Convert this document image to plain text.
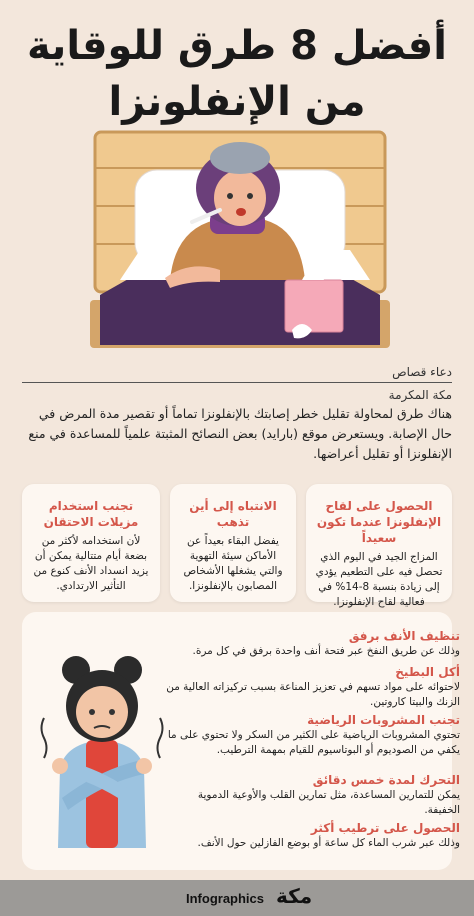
أفضل 8 طرق للوقاية
من الإنفلونزا
دعاء قصاص
مكة المكرمة
هناك طرق لمحاولة تقليل خطر إصابتك بالإنفلونزا تماماً أو تقصير مدة المرض في حال الإصابة. ويستعرض موقع (بارايد) بعض النصائح المثبتة علمياً للمساعدة في منع الإنفلونزا أو تقليل أعراضها.
الحصول على لقاح الإنفلونزا عندما تكون سعيداً
المزاج الجيد في اليوم الذي تحصل فيه على التطعيم يؤدي إلى زيادة بنسبة 8-14% في فعالية لقاح الإنفلونزا.
الانتباه إلى أين تذهب
يفضل البقاء بعيداً عن الأماكن سيئة التهوية والتي يشغلها الأشخاص المصابون بالإنفلونزا.
تجنب استخدام مزيلات الاحتقان
لأن استخدامه لأكثر من بضعة أيام متتالية يمكن أن يزيد انسداد الأنف كنوع من التأثير الارتدادي.
تنظيف الأنف برفق
وذلك عن طريق النفخ عبر فتحة أنف واحدة برفق في كل مرة.
أكل البطيخ
لاحتوائه على مواد تسهم في تعزيز المناعة بسبب تركيزاته العالية من الزنك والبيتا كاروتين.
تجنب المشروبات الرياضية
تحتوي المشروبات الرياضية على الكثير من السكر ولا تحتوي على ما يكفي من الصوديوم أو البوتاسيوم للقيام بمهمة الترطيب.
التحرك لمدة خمس دقائق
يمكن للتمارين المساعدة، مثل تمارين القلب والأوعية الدموية الخفيفة.
الحصول على ترطيب أكثر
وذلك عبر شرب الماء كل ساعة أو بوضع الفازلين حول الأنف.
Infographics مكة
